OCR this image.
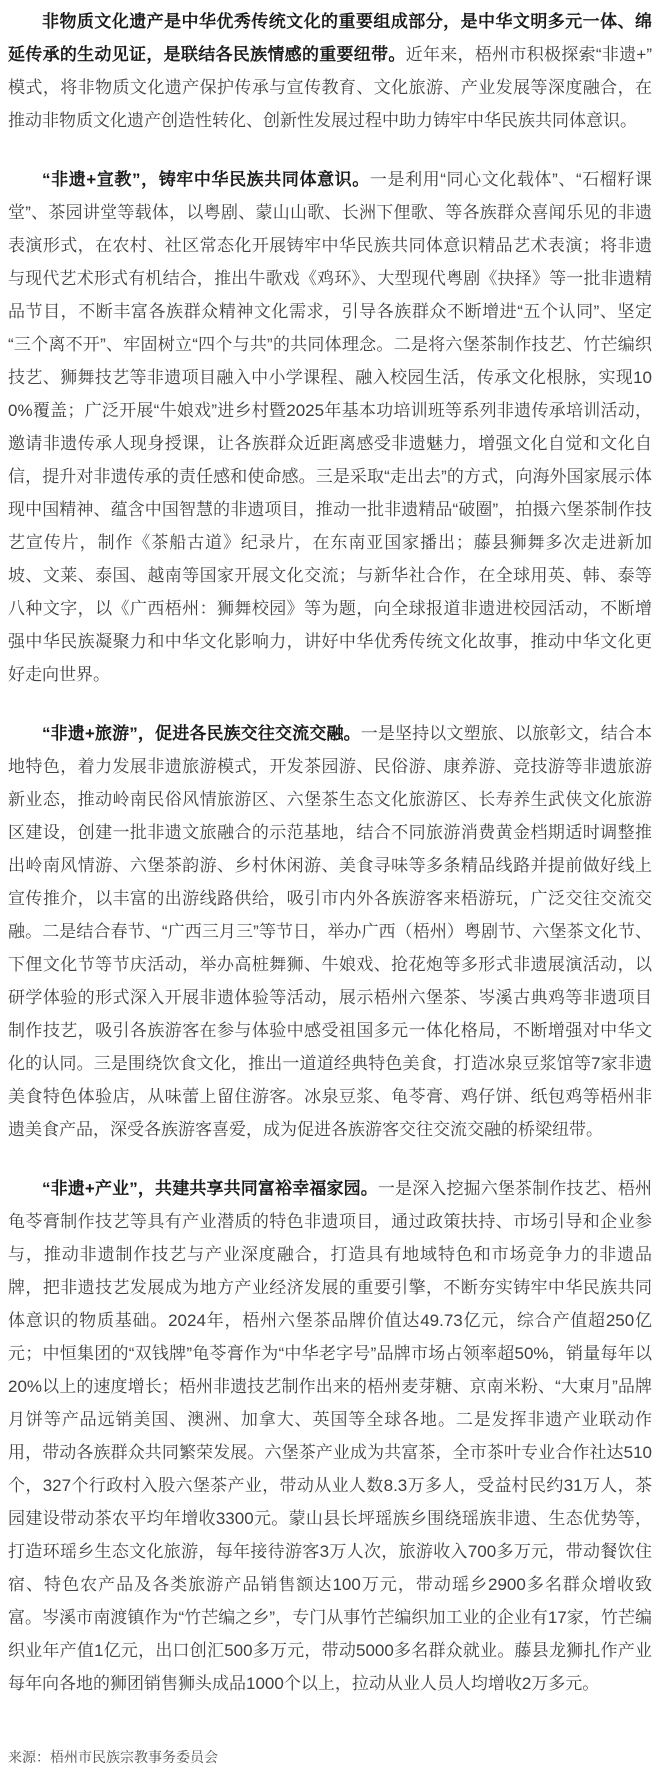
非物质文化遗产是中华优秀传统文化的重要组成部分，是中华文明多元一体、绵延传承的生动见证，是联结各民族情感的重要纽带。近年来，梧州市积极探索“非遗+”模式，将非物质文化遗产保护传承与宣传教育、文化旅游、产业发展等深度融合，在推动非物质文化遗产创造性转化、创新性发展过程中助力铸牢中华民族共同体意识。

“非遗+宣教”，铸牢中华民族共同体意识。一是利用“同心文化载体”、“石榴籽课堂”、茶园讲堂等载体，以粤剧、蒙山山歌、长洲下俚歌、等各族群众喜闻乐见的非遗表演形式，在农村、社区常态化开展铸牢中华民族共同体意识精品艺术表演；将非遗与现代艺术形式有机结合，推出牛歌戏《鸡环》、大型现代粤剧《抉择》等一批非遗精品节目，不断丰富各族群众精神文化需求，引导各族群众不断增进“五个认同”、坚定“三个离不开”、牢固树立“四个与共”的共同体理念。二是将六堡茶制作技艺、竹芒编织技艺、狮舞技艺等非遗项目融入中小学课程、融入校园生活，传承文化根脉，实现100%覆盖；广泛开展“牛娘戏”进乡村暨2025年基本功培训班等系列非遗传承培训活动，邀请非遗传承人现身授课，让各族群众近距离感受非遗魅力，增强文化自觉和文化自信，提升对非遗传承的责任感和使命感。三是采取“走出去”的方式，向海外国家展示体现中国精神、蕴含中国智慧的非遗项目，推动一批非遗精品“破圈”，拍摄六堡茶制作技艺宣传片，制作《茶船古道》纪录片，在东南亚国家播出；藤县狮舞多次走进新加坡、文莱、泰国、越南等国家开展文化交流；与新华社合作，在全球用英、韩、泰等八种文字，以《广西梧州：狮舞校园》等为题，向全球报道非遗进校园活动，不断增强中华民族凝聚力和中华文化影响力，讲好中华优秀传统文化故事，推动中华文化更好走向世界。

“非遗+旅游”，促进各民族交往交流交融。一是坚持以文塑旅、以旅彰文，结合本地特色，着力发展非遗旅游模式，开发茶园游、民俗游、康养游、竞技游等非遗旅游新业态，推动岭南民俗风情旅游区、六堡茶生态文化旅游区、长寿养生武侠文化旅游区建设，创建一批非遗文旅融合的示范基地，结合不同旅游消费黄金档期适时调整推出岭南风情游、六堡茶韵游、乡村休闲游、美食寻味等多条精品线路并提前做好线上宣传推介，以丰富的出游线路供给，吸引市内外各族游客来梧游玩，广泛交往交流交融。二是结合春节、“广西三月三”等节日，举办广西（梧州）粤剧节、六堡茶文化节、下俚文化节等节庆活动，举办高桩舞狮、牛娘戏、抢花炮等多形式非遗展演活动，以研学体验的形式深入开展非遗体验等活动，展示梧州六堡茶、岑溪古典鸡等非遗项目制作技艺，吸引各族游客在参与体验中感受祖国多元一体化格局，不断增强对中华文化的认同。三是围绕饮食文化，推出一道道经典特色美食，打造冰泉豆浆馆等7家非遗美食特色体验店，从味蕾上留住游客。冰泉豆浆、龟苓膏、鸡仔饼、纸包鸡等梧州非遗美食产品，深受各族游客喜爱，成为促进各族游客交往交流交融的桥梁纽带。

“非遗+产业”，共建共享共同富裕幸福家园。一是深入挖掘六堡茶制作技艺、梧州龟苓膏制作技艺等具有产业潜质的特色非遗项目，通过政策扶持、市场引导和企业参与，推动非遗制作技艺与产业深度融合，打造具有地域特色和市场竞争力的非遗品牌，把非遗技艺发展成为地方产业经济发展的重要引擎，不断夯实铸牢中华民族共同体意识的物质基础。2024年，梧州六堡茶品牌价值达49.73亿元，综合产值超250亿元；中恒集团的“双钱牌”龟苓膏作为“中华老字号”品牌市场占领率超50%，销量每年以20%以上的速度增长；梧州非遗技艺制作出来的梧州麦芽糖、京南米粉、“大東月”品牌月饼等产品远销美国、澳洲、加拿大、英国等全球各地。二是发挥非遗产业联动作用，带动各族群众共同繁荣发展。六堡茶产业成为共富茶，全市茶叶专业合作社达510个，327个行政村入股六堡茶产业，带动从业人数8.3万多人，受益村民约31万人，茶园建设带动茶农平均年增收3300元。蒙山县长坪瑶族乡围绕瑶族非遗、生态优势等，打造环瑶乡生态文化旅游，每年接待游客3万人次，旅游收入700多万元，带动餐饮住宿、特色农产品及各类旅游产品销售额达100万元，带动瑶乡2900多名群众增收致富。岑溪市南渡镇作为“竹芒编之乡”，专门从事竹芒编织加工业的企业有17家，竹芒编织业年产值1亿元，出口创汇500多万元，带动5000多名群众就业。藤县龙狮扎作产业每年向各地的狮团销售狮头成品1000个以上，拉动从业人员人均增收2万多元。

来源：梧州市民族宗教事务委员会
